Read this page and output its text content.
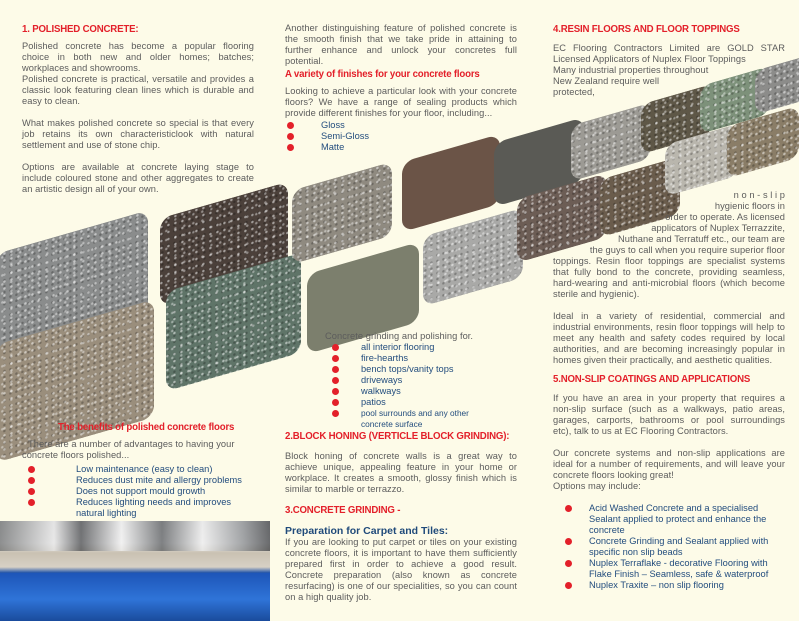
1. POLISHED CONCRETE:

Polished concrete has become a popular flooring choice in both new and older homes; batches; workplaces and showrooms.

Polished concrete is practical, versatile and provides a classic look featuring clean lines which is durable and easy to clean.

What makes polished concrete so special is that every job retains its own characteristiclook with natural settlement and use of stone chip.

Options are available at concrete laying stage to include coloured stone and other aggregates to create an artistic design all of your own.

The benefits of polished concrete floors

There are a number of advantages to having your concrete floors polished...

Low maintenance (easy to clean)
Reduces dust mite and allergy problems
Does not support mould growth
Reduces lighting needs and improves natural lighting

Another distinguishing feature of polished concrete is the smooth finish that we take pride in attaining to further enhance and unlock your concretes full potential.

A variety of finishes for your concrete floors

Looking to achieve a particular look with your concrete floors? We have a range of sealing products which provide different finishes for your floor, including...

Gloss
Semi-Gloss
Matte

Concrete grinding and polishing for.

all interior flooring
fire-hearths
bench tops/vanity tops
driveways
walkways
patios
pool surrounds and any other concrete surface
2.BLOCK HONING (VERTICLE BLOCK GRINDING):

Block honing of concrete walls is a great way to achieve unique, appealing feature in your home or workplace. It creates a smooth, glossy finish which is similar to marble or terrazzo.

3.CONCRETE GRINDING -
Preparation for Carpet and Tiles:

If you are looking to put carpet or tiles on your existing concrete floors, it is important to have them sufficiently prepared first in order to achieve a good result. Concrete preparation (also known as concrete resurfacing) is one of our specialities, so you can count on a high quality job.

4.RESIN FLOORS AND FLOOR TOPPINGS

EC Flooring Contractors Limited are GOLD STAR

Licensed Applicators of Nuplex Floor Toppings

Many industrial properties throughout

New Zealand require well

protected,

n o n - s l i p

hygienic floors in

order to operate. As licensed

applicators of Nuplex Terrazzite,

Nuthane and Terratuff etc., our team are

the guys to call when you require superior floor

toppings. Resin floor toppings are specialist systems that fully bond to the concrete, providing seamless, hard-wearing and anti-microbial floors (which become sterile and hygienic).

Ideal in a variety of residential, commercial and industrial environments, resin floor toppings will help to meet any health and safety codes required by local authorities, and are becoming increasingly popular in homes given their practically, and aesthetic qualities.

5.NON-SLIP COATINGS AND APPLICATIONS

If you have an area in your property that requires a non-slip surface (such as a walkways, patio areas, garages, carports, bathrooms or pool surroundings etc), talk to us at EC Flooring Contractors.

Our concrete systems and non-slip applications are ideal for a number of requirements, and will leave your concrete floors looking great!

Options may include:

Acid Washed Concrete and a specialised Sealant applied to protect and enhance the concrete
Concrete Grinding and Sealant applied with specific non slip beads
Nuplex Terraflake - decorative Flooring with Flake Finish – Seamless, safe & waterproof
Nuplex Traxite – non slip flooring
